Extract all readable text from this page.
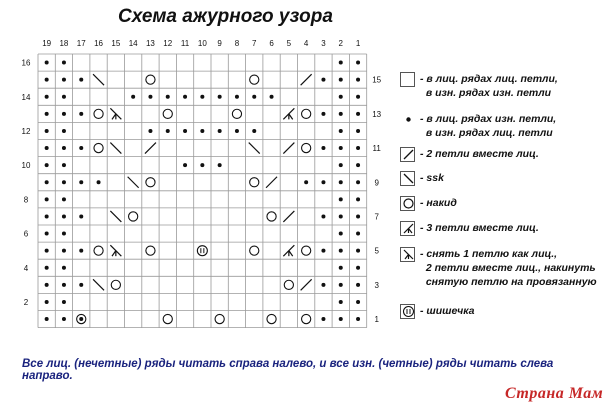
Схема ажурного узора
19 18 17 16 15 14 13 12 11 10 9 8 7 6 5 4 3 2 1
16
14
12
10
8
6
4
2
15
13
11
9
7
5
3
1
- в лиц. рядах лиц. петли,
в изн. рядах изн. петли
- в лиц. рядах изн. петли,
в изн. рядах лиц. петли
- 2 петли вместе лиц.
- ssk
- накид
- 3 петли вместе лиц.
- снять 1 петлю как лиц.,
2 петли вместе лиц., накинуть
снятую петлю на провязанную
- шишечка
Все лиц. (нечетные) ряды читать справа налево, и все изн. (четные) ряды читать слева направо.
Страна Мам
